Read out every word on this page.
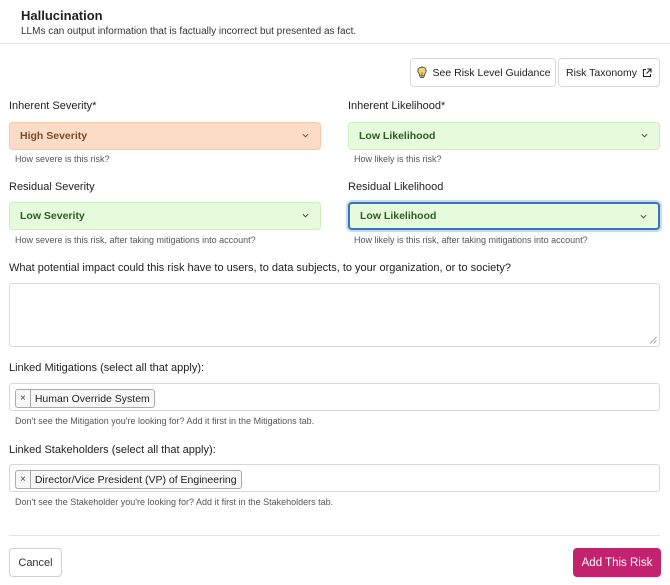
Hallucination
LLMs can output information that is factually incorrect but presented as fact.
See Risk Level Guidance Risk Taxonomy
Inherent Severity*
High Severity
How severe is this risk?
Inherent Likelihood*
Low Likelihood
How likely is this risk?
Residual Severity
Low Severity
How severe is this risk, after taking mitigations into account?
Residual Likelihood
Low Likelihood
How likely is this risk, after taking mitigations into account?
What potential impact could this risk have to users, to data subjects, to your organization, or to society?
Linked Mitigations (select all that apply):
× Human Override System
Don't see the Mitigation you're looking for? Add it first in the Mitigations tab.
Linked Stakeholders (select all that apply):
× Director/Vice President (VP) of Engineering
Don't see the Stakeholder you're looking for? Add it first in the Stakeholders tab.
Cancel	Add This Risk
